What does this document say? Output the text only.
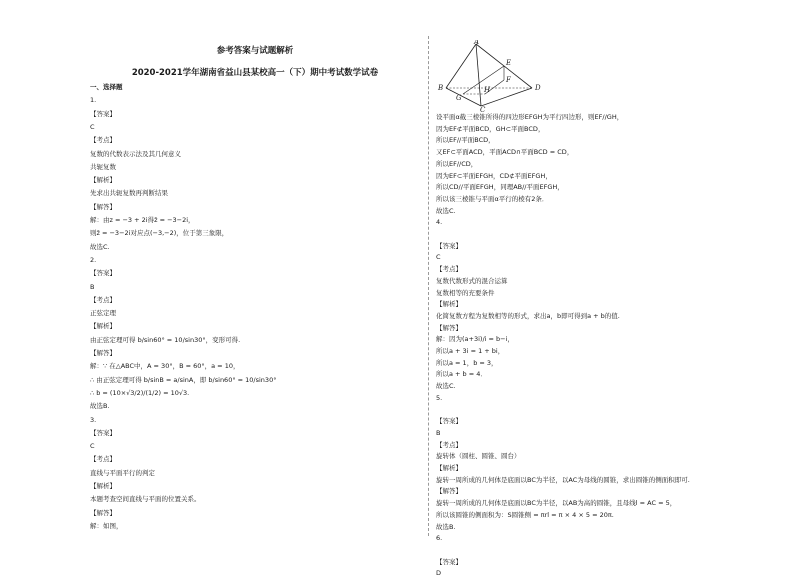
参考答案与试题解析
2020-2021学年湖南省益山县某校高一（下）期中考试数学试卷
一、选择题
1.
【答案】
C
【考点】
复数的代数表示法及其几何意义
共轭复数
【解析】
先求出共轭复数再判断结果
【解答】
解：由z = −3 + 2i得z̄ = −3−2i，
则z̄ = −3−2i对应点(−3,−2)，位于第三象限，
故选C.
2.
【答案】
B
【考点】
正弦定理
【解析】
由正弦定理可得 b/sin60° = 10/sin30°，变形可得.
【解答】
解：∵ 在△ABC中，A = 30°，B = 60°，a = 10，
∴ 由正弦定理可得 b/sinB = a/sinA，即 b/sin60° = 10/sin30°
∴ b = (10×√3/2)/(1/2) = 10√3.
故选B.
3.
【答案】
C
【考点】
直线与平面平行的判定
【解析】
本题考查空间直线与平面的位置关系。
【解答】
解：如图，
A
B
C
D
E
F
G
H
设平面α截三棱锥所得的四边形EFGH为平行四边形，则EF//GH，
因为EF⊄平面BCD，GH⊂平面BCD，
所以EF//平面BCD，
又EF⊂平面ACD，平面ACD∩平面BCD = CD，
所以EF//CD，
因为EF⊂平面EFGH，CD⊄平面EFGH，
所以CD//平面EFGH，同理AB//平面EFGH，
所以该三棱锥与平面α平行的棱有2条．
故选C.
4.
【答案】
C
【考点】
复数代数形式的混合运算
复数相等的充要条件
【解析】
化简复数方程为复数相等的形式，求出a，b即可得到a + b的值.
【解答】
解：因为(a+3i)/i = b−i，
所以a + 3i = 1 + bi，
所以a = 1，b = 3，
所以a + b = 4．
故选C.
5.
【答案】
B
【考点】
旋转体（圆柱、圆锥、圆台）
【解析】
旋转一周所成的几何体是底面以BC为半径，以AC为母线的圆锥，求出圆锥的侧面积即可.
【解答】
旋转一周所成的几何体是底面以BC为半径，以AB为高的圆锥，且母线l = AC = 5，
所以该圆锥的侧面积为：S圆锥侧 = πrl = π × 4 × 5 = 20π.
故选B.
6.
【答案】
D
